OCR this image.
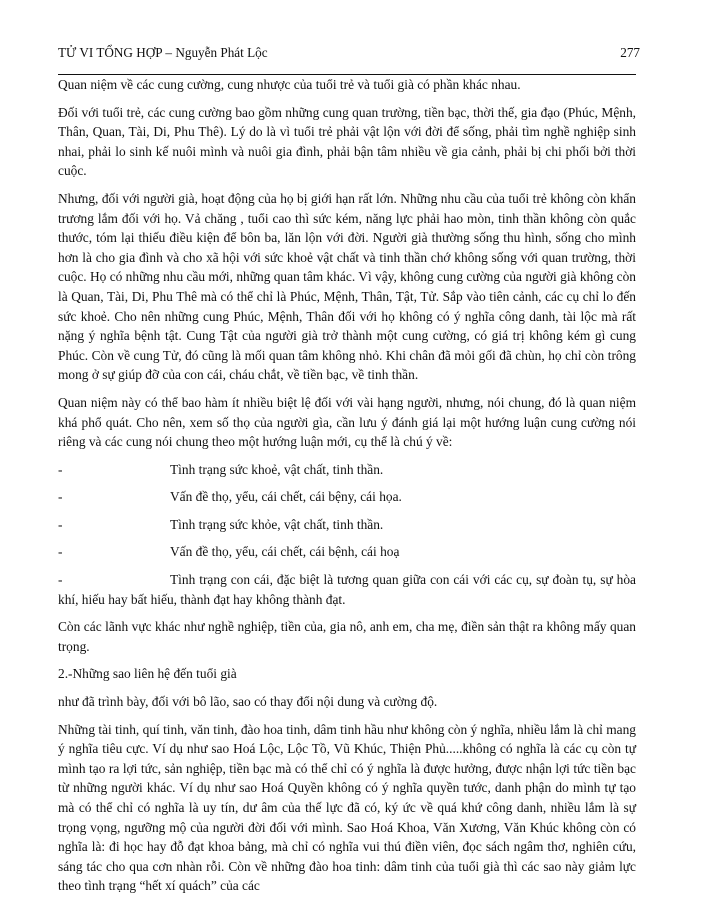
TỬ VI TỔNG HỢP – Nguyễn Phát Lộc	277

Quan niệm về các cung cường, cung nhược của tuổi trẻ và tuổi già có phần khác nhau.

Đối với tuổi trẻ, các cung cường bao gồm những cung quan trường, tiền bạc, thời thế, gia đạo (Phúc, Mệnh, Thân, Quan, Tài, Di, Phu Thê). Lý do là vì tuổi trẻ phải vật lộn với đời để sống, phải tìm nghề nghiệp sinh nhai, phải lo sinh kế nuôi mình và nuôi gia đình, phải bận tâm nhiều về gia cảnh, phải bị chi phối bởi thời cuộc.

Nhưng, đối với người già, hoạt động của họ bị giới hạn rất lớn. Những nhu cầu của tuổi trẻ không còn khẩn trương lắm đối với họ. Vả chăng , tuổi cao thì sức kém, năng lực phải hao mòn, tinh thần không còn quắc thước, tóm lại thiếu điều kiện để bôn ba, lăn lộn với đời. Người già thường sống thu hình, sống cho mình hơn là cho gia đình và cho xã hội với sức khoẻ vật chất và tinh thần chớ không sống với quan trường, thời cuộc. Họ có những nhu cầu mới, những quan tâm khác. Vì vậy, không cung cường của người già không còn là Quan, Tài, Di, Phu Thê mà có thể chỉ là Phúc, Mệnh, Thân, Tật, Tử. Sắp vào tiên cảnh, các cụ chỉ lo đến sức khoẻ. Cho nên những cung Phúc, Mệnh, Thân đối với họ không có ý nghĩa công danh, tài lộc mà rất nặng ý nghĩa bệnh tật. Cung Tật của người già trở thành một cung cường, có giá trị không kém gì cung Phúc. Còn về cung Tử, đó cũng là mối quan tâm không nhỏ. Khi chân đã mỏi gối đã chùn, họ chỉ còn trông mong ở sự giúp đỡ của con cái, cháu chắt, về tiền bạc, về tinh thần.

Quan niệm này có thể bao hàm ít nhiều biệt lệ đối với vài hạng người, nhưng, nói chung, đó là quan niệm khá phổ quát. Cho nên, xem số thọ của người gìa, cần lưu ý đánh giá lại một hướng luận cung cường nói riêng và các cung nói chung theo một hướng luận mới, cụ thể là chú ý về:

-	Tình trạng sức khoẻ, vật chất, tinh thần.
-	Vấn đề thọ, yểu, cái chết, cái bệny, cái họa.
-	Tình trạng sức khỏe, vật chất, tinh thần.
-	Vấn đề thọ, yểu, cái chết, cái bệnh, cái hoạ
-	Tình trạng con cái, đặc biệt là tương quan giữa con cái với các cụ, sự đoàn tụ, sự hòa khí, hiếu hay bất hiếu, thành đạt hay không thành đạt.

Còn các lãnh vực khác như nghề nghiệp, tiền của, gia nô, anh em, cha mẹ, điền sản thật ra không mấy quan trọng.

2.-Những sao liên hệ đến tuổi già

như đã trình bày, đối với bô lão, sao có thay đổi nội dung và cường độ.

Những tài tinh, quí tinh, văn tinh, đào hoa tinh, dâm tinh hầu như không còn ý nghĩa, nhiều lắm là chỉ mang ý nghĩa tiêu cực. Ví dụ như sao Hoá Lộc, Lộc Tồ, Vũ Khúc, Thiện Phủ.....không có nghĩa là các cụ còn tự mình tạo ra lợi tức, sản nghiệp, tiền bạc mà có thể chỉ có ý nghĩa là được hưởng, được nhận lợi tức tiền bạc từ những người khác. Ví dụ như sao Hoá Quyền không có ý nghĩa quyền tước, danh phận do mình tự tạo mà có thể chỉ có nghĩa là uy tín, dư âm của thế lực đã có, ký ức về quá khứ công danh, nhiều lắm là sự trọng vọng, ngưỡng mộ của người đời đối với mình. Sao Hoá Khoa, Văn Xương, Văn Khúc không còn có nghĩa là: đi học hay đỗ đạt khoa bảng, mà chỉ có nghĩa vui thú điền viên, đọc sách ngâm thơ, nghiên cứu, sáng tác cho qua cơn nhàn rỗi. Còn về những đào hoa tinh: dâm tinh của tuổi già thì các sao này giảm lực theo tình trạng “hết xí quách” của các
